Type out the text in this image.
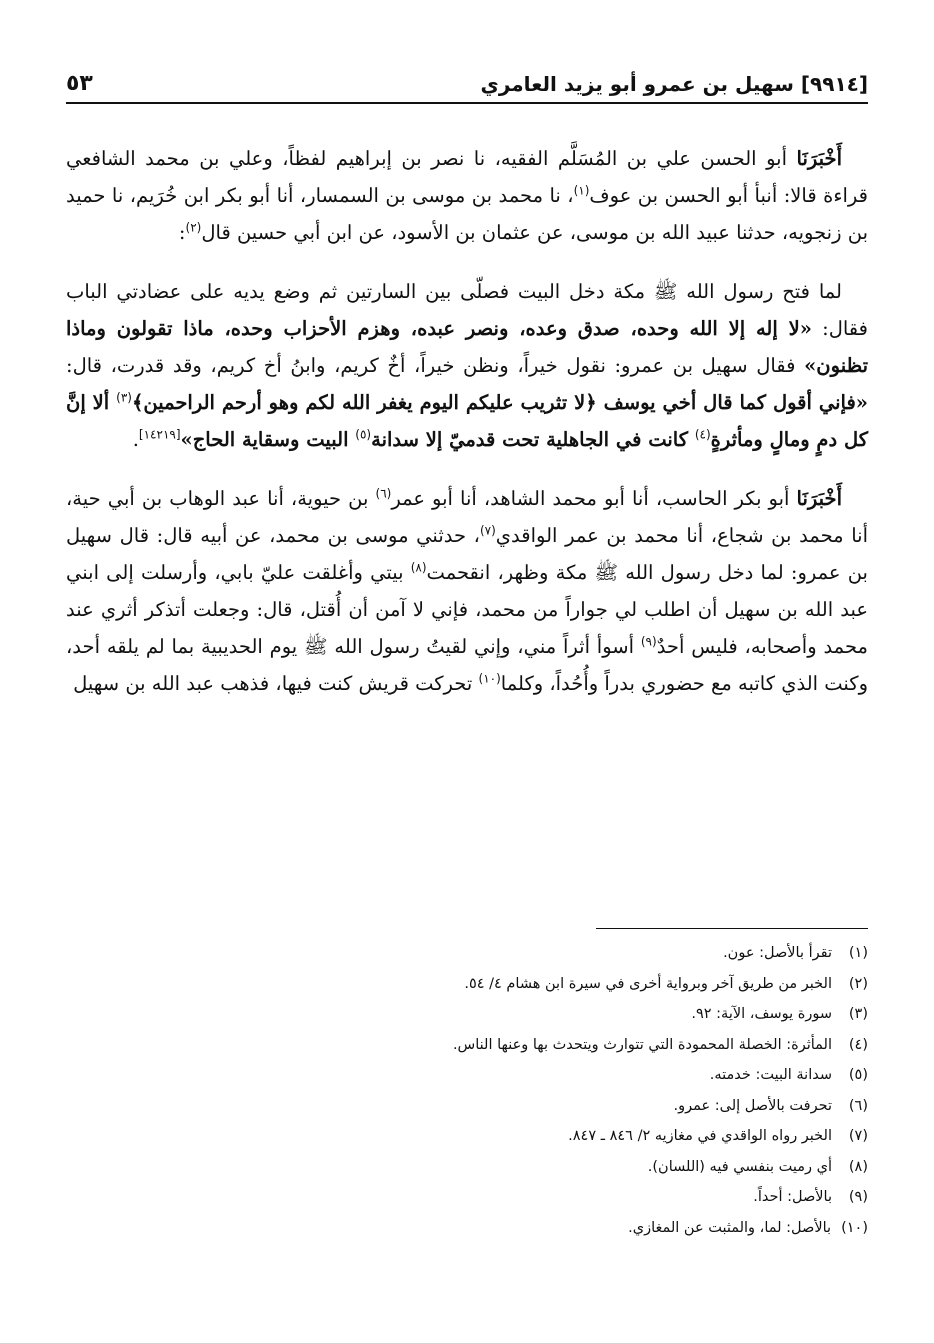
[٩٩١٤] سهيل بن عمرو أبو يزيد العامري
٥٣

أَخْبَرَنَا أبو الحسن علي بن المُسَلَّم الفقيه، نا نصر بن إبراهيم لفظاً، وعلي بن محمد الشافعي قراءة قالا: أنبأ أبو الحسن بن عوف$^{(١)}$، نا محمد بن موسى بن السمسار، أنا أبو بكر ابن خُرَيم، نا حميد بن زنجويه، حدثنا عبيد الله بن موسى، عن عثمان بن الأسود، عن ابن أبي حسين قال$^{(٢)}$:

لما فتح رسول الله ﷺ مكة دخل البيت فصلّى بين السارتين ثم وضع يديه على عضادتي الباب فقال: «لا إله إلا الله وحده، صدق وعده، ونصر عبده، وهزم الأحزاب وحده، ماذا تقولون وماذا تظنون» فقال سهيل بن عمرو: نقول خيراً، ونظن خيراً، أخٌ كريم، وابنُ أخ كريم، وقد قدرت، قال: «فإني أقول كما قال أخي يوسف ﴿لا تثريب عليكم اليوم يغفر الله لكم وهو أرحم الراحمين﴾$^{(٣)}$ ألا إنَّ كل دمٍ ومالٍ ومأثرةٍ$^{(٤)}$ كانت في الجاهلية تحت قدميّ إلا سدانة$^{(٥)}$ البيت وسقاية الحاج»[١٤٢١٩].

أَخْبَرَنَا أبو بكر الحاسب، أنا أبو محمد الشاهد، أنا أبو عمر$^{(٦)}$ بن حيوية، أنا عبد الوهاب بن أبي حية، أنا محمد بن شجاع، أنا محمد بن عمر الواقدي$^{(٧)}$، حدثني موسى بن محمد، عن أبيه قال: قال سهيل بن عمرو: لما دخل رسول الله ﷺ مكة وظهر، انقحمت$^{(٨)}$ بيتي وأغلقت عليّ بابي، وأرسلت إلى ابني عبد الله بن سهيل أن اطلب لي جواراً من محمد، فإني لا آمن أن أُقتل، قال: وجعلت أتذكر أثري عند محمد وأصحابه، فليس أحدٌ$^{(٩)}$ أسوأ أثراً مني، وإني لقيتُ رسول الله ﷺ يوم الحديبية بما لم يلقه أحد، وكنت الذي كاتبه مع حضوري بدراً وأُحُداً، وكلما$^{(١٠)}$ تحركت قريش كنت فيها، فذهب عبد الله بن سهيل

(١)
تقرأ بالأصل: عون.
(٢)
الخبر من طريق آخر وبرواية أخرى في سيرة ابن هشام ٤/ ٥٤.
(٣)
سورة يوسف، الآية: ٩٢.
(٤)
المأثرة: الخصلة المحمودة التي تتوارث ويتحدث بها وعنها الناس.
(٥)
سدانة البيت: خدمته.
(٦)
تحرفت بالأصل إلى: عمرو.
(٧)
الخبر رواه الواقدي في مغازيه ٢/ ٨٤٦ ـ ٨٤٧.
(٨)
أي رميت بنفسي فيه (اللسان).
(٩)
بالأصل: أحداً.
(١٠)
بالأصل: لما، والمثبت عن المغازي.
